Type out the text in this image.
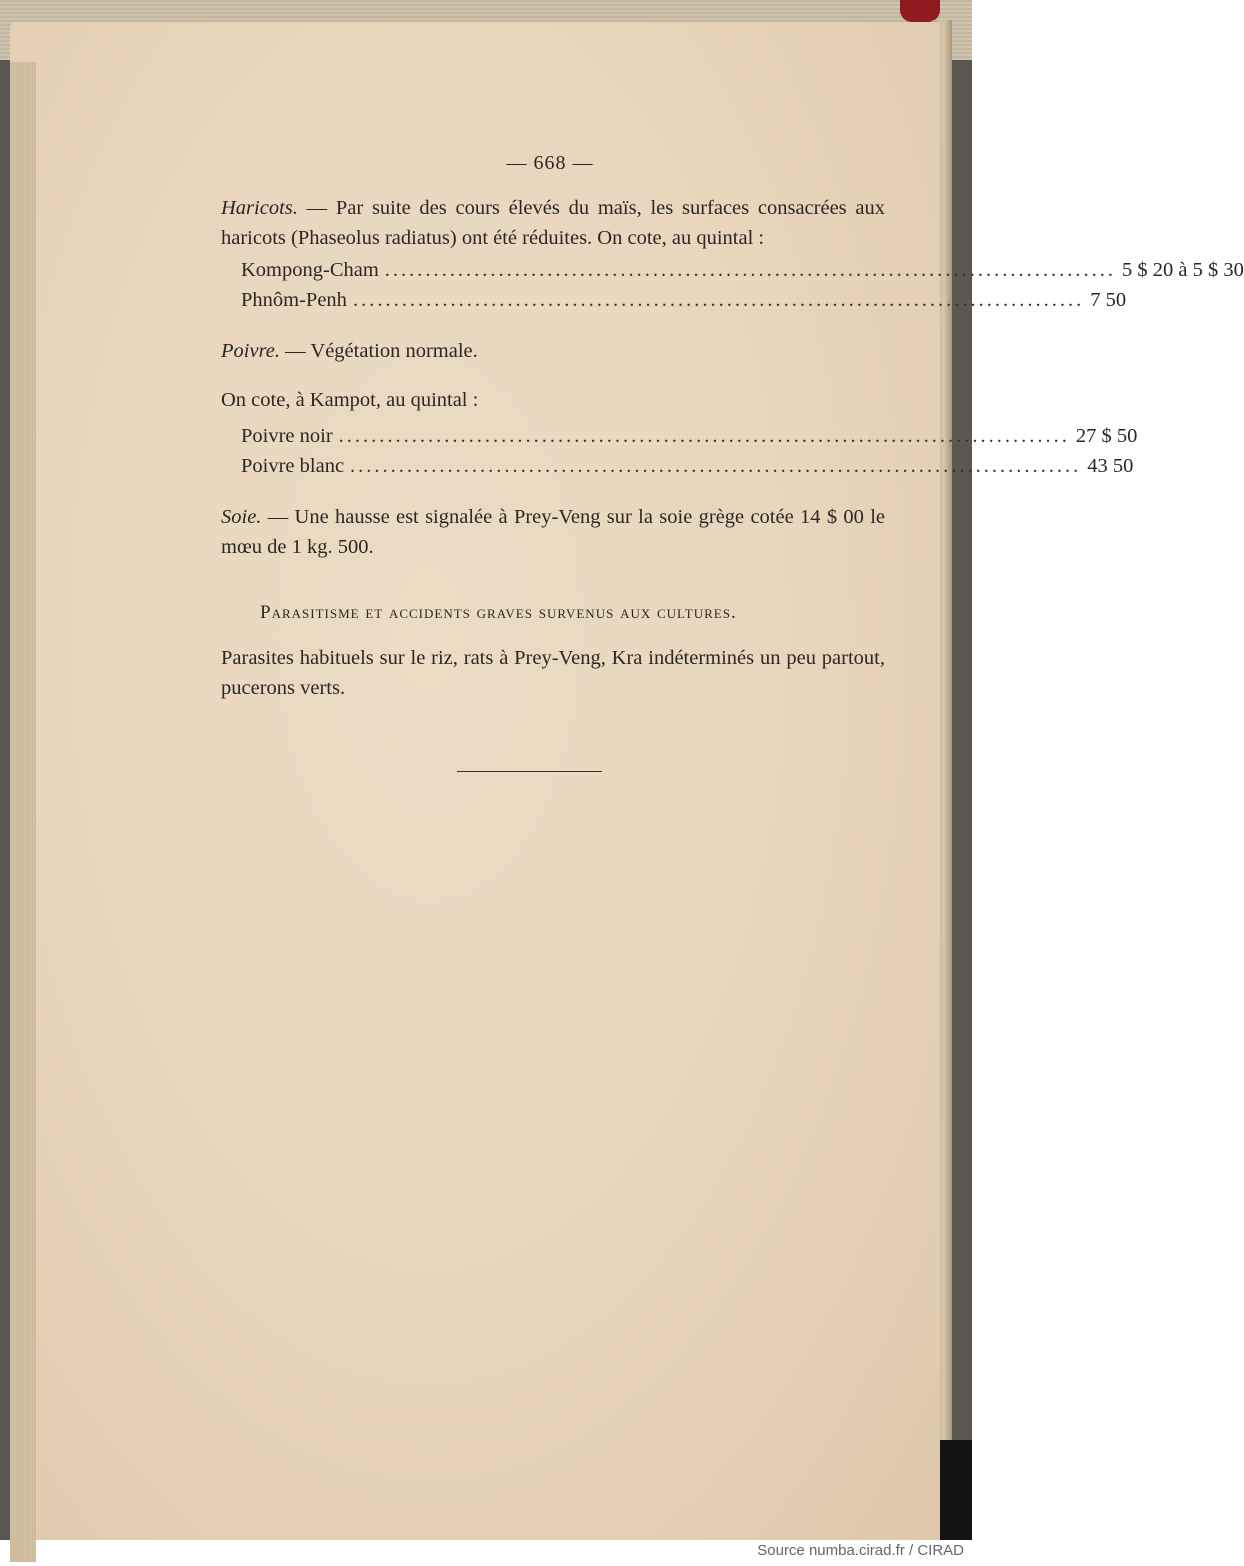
— 668 —
Haricots. — Par suite des cours élevés du maïs, les surfaces consacrées aux haricots (Phaseolus radiatus) ont été réduites. On cote, au quintal :
Kompong-Cham .......................................................................................... 5 $ 20 à 5 $ 30
Phnôm-Penh .......................................................................................... 7 50
Poivre. — Végétation normale.
On cote, à Kampot, au quintal :
Poivre noir .......................................................................................... 27 $ 50
Poivre blanc .......................................................................................... 43 50
Soie. — Une hausse est signalée à Prey-Veng sur la soie grège cotée 14 $ 00 le mœu de 1 kg. 500.
Parasitisme et accidents graves survenus aux cultures.
Parasites habituels sur le riz, rats à Prey-Veng, Kra indéterminés un peu partout, pucerons verts.
Source numba.cirad.fr / CIRAD
